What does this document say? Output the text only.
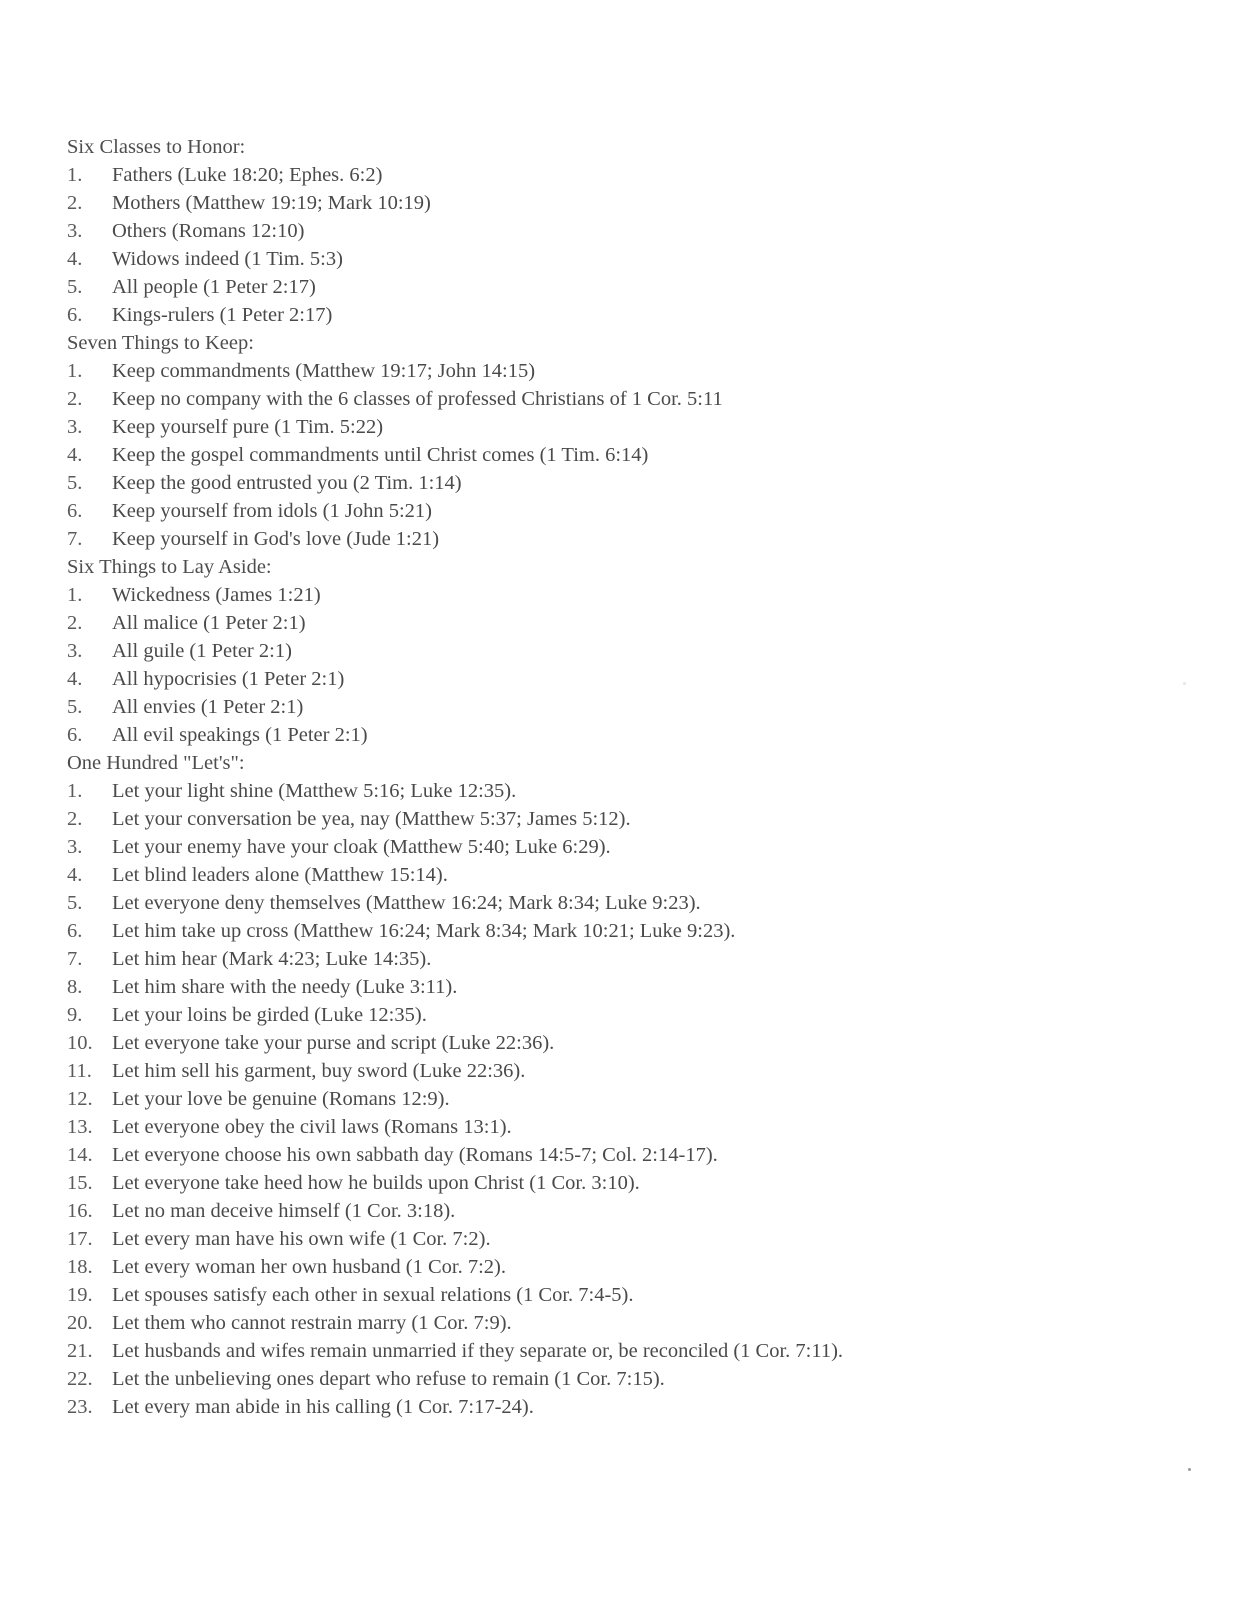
Six Classes to Honor:
1.	Fathers (Luke 18:20; Ephes. 6:2)
2.	Mothers (Matthew 19:19; Mark 10:19)
3.	Others (Romans 12:10)
4.	Widows indeed (1 Tim. 5:3)
5.	All people (1 Peter 2:17)
6.	Kings-rulers (1 Peter 2:17)
Seven Things to Keep:
1.	Keep commandments (Matthew 19:17; John 14:15)
2.	Keep no company with the 6 classes of professed Christians of 1 Cor. 5:11
3.	Keep yourself pure (1 Tim. 5:22)
4.	Keep the gospel commandments until Christ comes (1 Tim. 6:14)
5.	Keep the good entrusted you (2 Tim. 1:14)
6.	Keep yourself from idols (1 John 5:21)
7.	Keep yourself in God's love (Jude 1:21)
Six Things to Lay Aside:
1.	Wickedness (James 1:21)
2.	All malice (1 Peter 2:1)
3.	All guile (1 Peter 2:1)
4.	All hypocrisies (1 Peter 2:1)
5.	All envies (1 Peter 2:1)
6.	All evil speakings (1 Peter 2:1)
One Hundred "Let's":
1.	Let your light shine (Matthew 5:16; Luke 12:35).
2.	Let your conversation be yea, nay (Matthew 5:37; James 5:12).
3.	Let your enemy have your cloak (Matthew 5:40; Luke 6:29).
4.	Let blind leaders alone (Matthew 15:14).
5.	Let everyone deny themselves (Matthew 16:24; Mark 8:34; Luke 9:23).
6.	Let him take up cross (Matthew 16:24; Mark 8:34; Mark 10:21; Luke 9:23).
7.	Let him hear (Mark 4:23; Luke 14:35).
8.	Let him share with the needy (Luke 3:11).
9.	Let your loins be girded (Luke 12:35).
10. Let everyone take your purse and script (Luke 22:36).
11. Let him sell his garment, buy sword (Luke 22:36).
12. Let your love be genuine (Romans 12:9).
13. Let everyone obey the civil laws (Romans 13:1).
14. Let everyone choose his own sabbath day (Romans 14:5-7; Col. 2:14-17).
15. Let everyone take heed how he builds upon Christ (1 Cor. 3:10).
16. Let no man deceive himself (1 Cor. 3:18).
17. Let every man have his own wife (1 Cor. 7:2).
18. Let every woman her own husband (1 Cor. 7:2).
19. Let spouses satisfy each other in sexual relations (1 Cor. 7:4-5).
20. Let them who cannot restrain marry (1 Cor. 7:9).
21. Let husbands and wifes remain unmarried if they separate or, be reconciled (1 Cor. 7:11).
22. Let the unbelieving ones depart who refuse to remain (1 Cor. 7:15).
23. Let every man abide in his calling (1 Cor. 7:17-24).
